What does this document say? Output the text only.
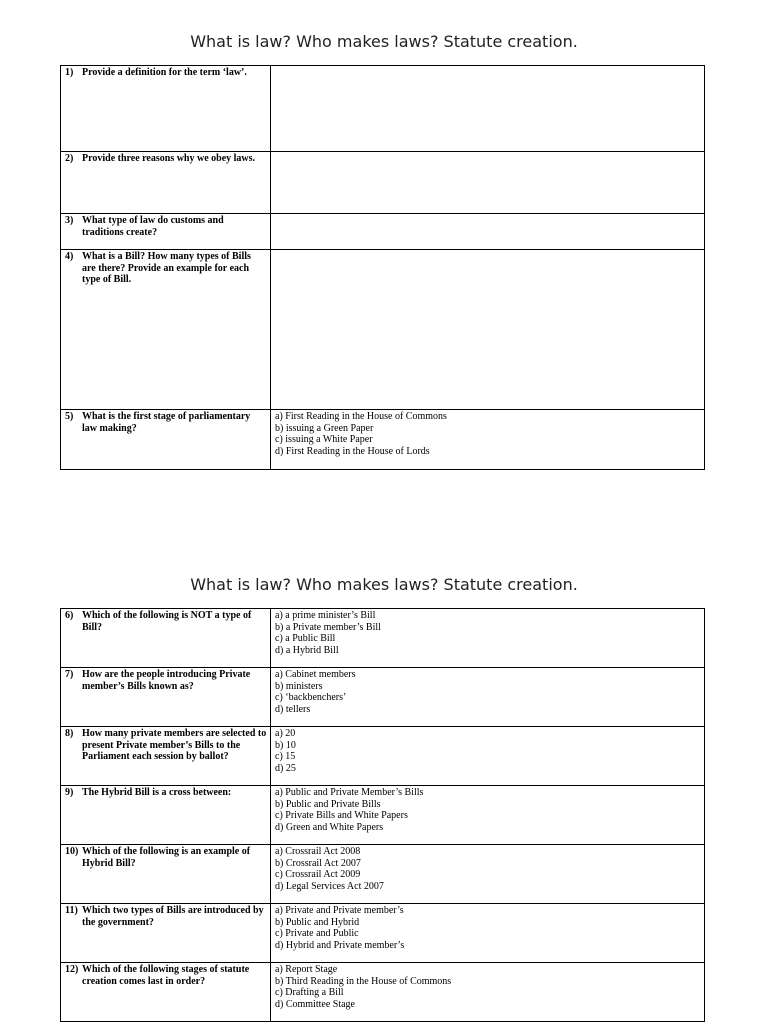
What is law? Who makes laws? Statute creation.
1) Provide a definition for the term ‘law’.	

2) Provide three reasons why we obey laws.	

3) What type of law do customs and traditions create?	

4) What is a Bill? How many types of Bills are there? Provide an example for each type of Bill.	

5) What is the first stage of parliamentary law making?	a) First Reading in the House of Commons
b) issuing a Green Paper
c) issuing a White Paper
d) First Reading in the House of Lords
What is law? Who makes laws? Statute creation.
6) Which of the following is NOT a type of Bill?	a) a prime minister’s Bill
b) a Private member’s Bill
c) a Public Bill
d) a Hybrid Bill

7) How are the people introducing Private member’s Bills known as?	a) Cabinet members
b) ministers
c) ‘backbenchers’
d) tellers

8) How many private members are selected to present Private member’s Bills to the Parliament each session by ballot?	a) 20
b) 10
c) 15
d) 25

9) The Hybrid Bill is a cross between:	a) Public and Private Member’s Bills
b) Public and Private Bills
c) Private Bills and White Papers
d) Green and White Papers

10) Which of the following is an example of Hybrid Bill?	a) Crossrail Act 2008
b) Crossrail Act 2007
c) Crossrail Act 2009
d) Legal Services Act 2007

11) Which two types of Bills are introduced by the government?	a) Private and Private member’s
b) Public and Hybrid
c) Private and Public
d) Hybrid and Private member’s

12) Which of the following stages of statute creation comes last in order?	a) Report Stage
b) Third Reading in the House of Commons
c) Drafting a Bill
d) Committee Stage
